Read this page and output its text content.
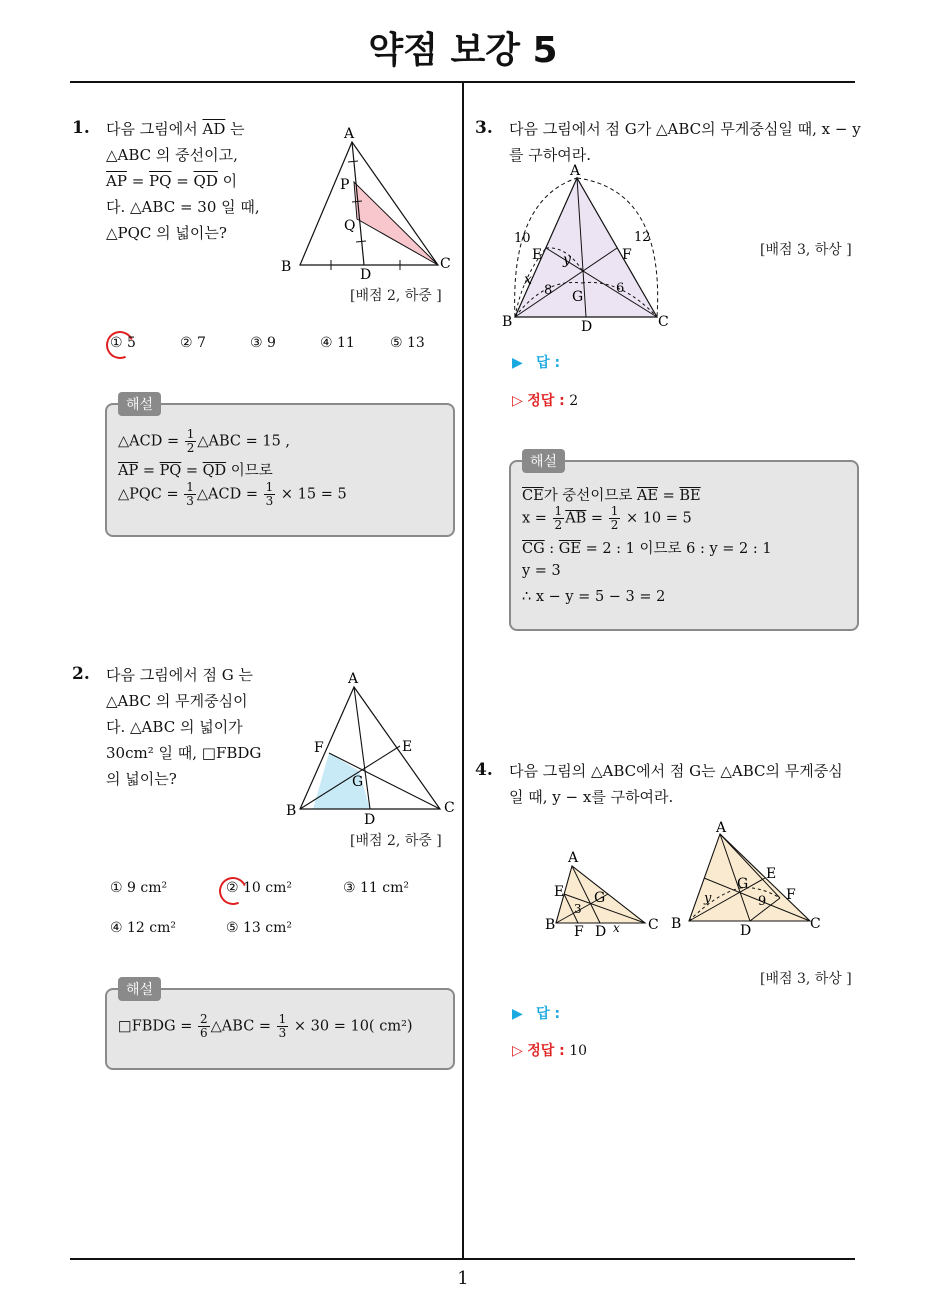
약점 보강 5
1
1. 다음 그림에서 $\overline{AD}$ 는
△ABC 의 중선이고,
$\overline{AP} = \overline{PQ} = \overline{QD}$ 이
다. △ABC = 30 일 때,
△PQC 의 넓이는?
A
B	C
D
P
Q
[배점 2, 하중 ]
① 5	② 7	③ 9	④ 11	⑤ 13
해설
△ACD = $\frac{1}{2}$ △ABC = 15 ,
$\overline{AP} = \overline{PQ} = \overline{QD}$ 이므로
△PQC = $\frac{1}{3}$ △ACD = $\frac{1}{3} \times 15 = 5$
2. 다음 그림에서 점 G 는
△ABC 의 무게중심이
다. △ABC 의 넓이가
30cm² 일 때, □FBDG
의 넓이는?
A
B	C
D
E
F
G
[배점 2, 하중 ]
① 9 cm²	② 10 cm²	③ 11 cm²
④ 12 cm²	⑤ 13 cm²
해설
□FBDG = $\frac{2}{6}$ △ABC = $\frac{1}{3} \times 30 = 10$( cm²)
3. 다음 그림에서 점 G가 △ABC의 무게중심일 때, x − y
를 구하여라.
A
B	C
D
E	F
G
x
y
10	12
8	6
[배점 3, 하상 ]
▶ 답 :
▷ 정답 : 2
해설
$\overline{CE}$가 중선이므로 $\overline{AE} = \overline{BE}$
$x = \frac{1}{2} \overline{AB} = \frac{1}{2} \times 10 = 5$
$\overline{CG}$ : $\overline{GE} = 2$ : 1 이므로 6 : y = 2 : 1
y = 3
∴ x − y = 5 − 3 = 2
4. 다음 그림의 △ABC에서 점 G는 △ABC의 무게중심
일 때, y − x를 구하여라.
A
B	C
D
E
F
G
3
x
A
B	C
D
E
F
G
y	9
[배점 3, 하상 ]
▶ 답 :
▷ 정답 : 10
